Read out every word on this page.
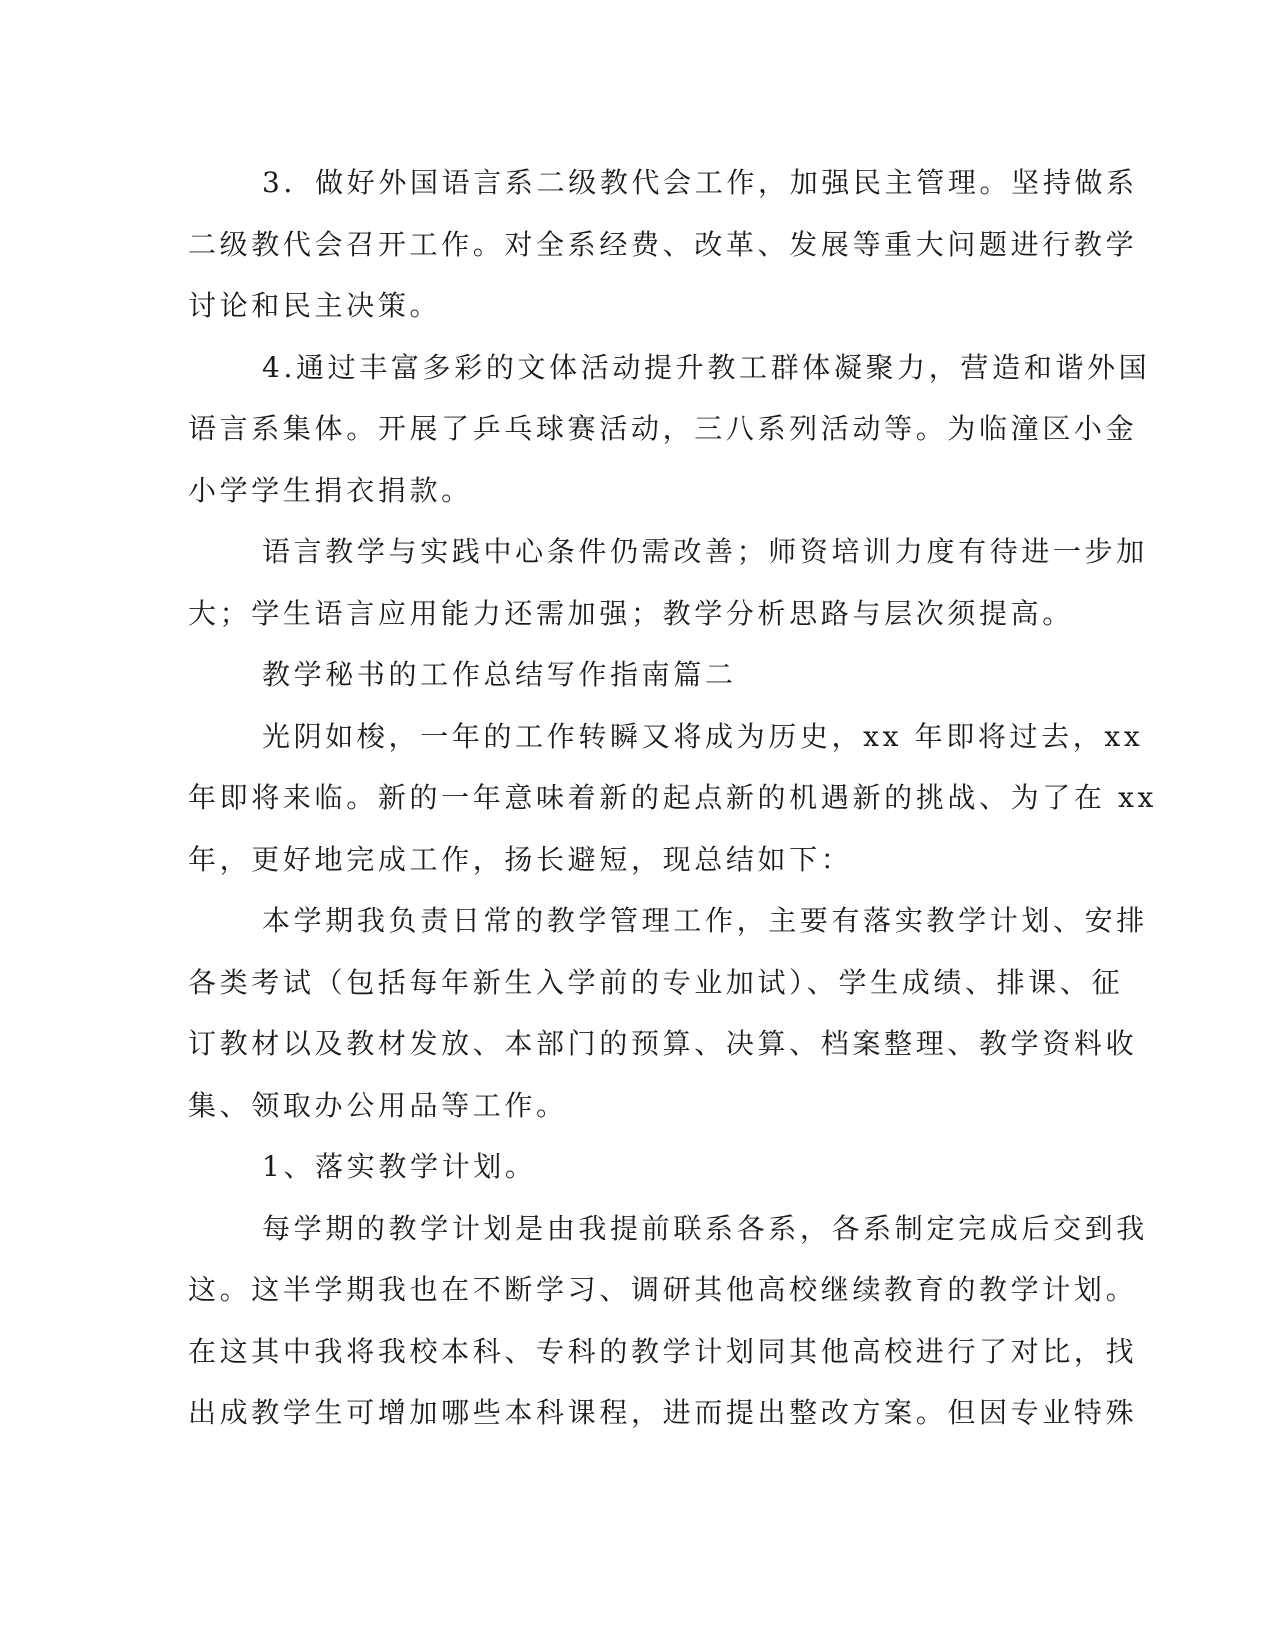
3．做好外国语言系二级教代会工作，加强民主管理。坚持做系
二级教代会召开工作。对全系经费、改革、发展等重大问题进行教学
讨论和民主决策。
4.通过丰富多彩的文体活动提升教工群体凝聚力，营造和谐外国
语言系集体。开展了乒乓球赛活动，三八系列活动等。为临潼区小金
小学学生捐衣捐款。
语言教学与实践中心条件仍需改善；师资培训力度有待进一步加
大；学生语言应用能力还需加强；教学分析思路与层次须提高。
教学秘书的工作总结写作指南篇二
光阴如梭，一年的工作转瞬又将成为历史，xx 年即将过去，xx
年即将来临。新的一年意味着新的起点新的机遇新的挑战、为了在 xx
年，更好地完成工作，扬长避短，现总结如下：
本学期我负责日常的教学管理工作，主要有落实教学计划、安排
各类考试（包括每年新生入学前的专业加试）、学生成绩、排课、征
订教材以及教材发放、本部门的预算、决算、档案整理、教学资料收
集、领取办公用品等工作。
1、落实教学计划。
每学期的教学计划是由我提前联系各系，各系制定完成后交到我
这。这半学期我也在不断学习、调研其他高校继续教育的教学计划。
在这其中我将我校本科、专科的教学计划同其他高校进行了对比，找
出成教学生可增加哪些本科课程，进而提出整改方案。但因专业特殊
